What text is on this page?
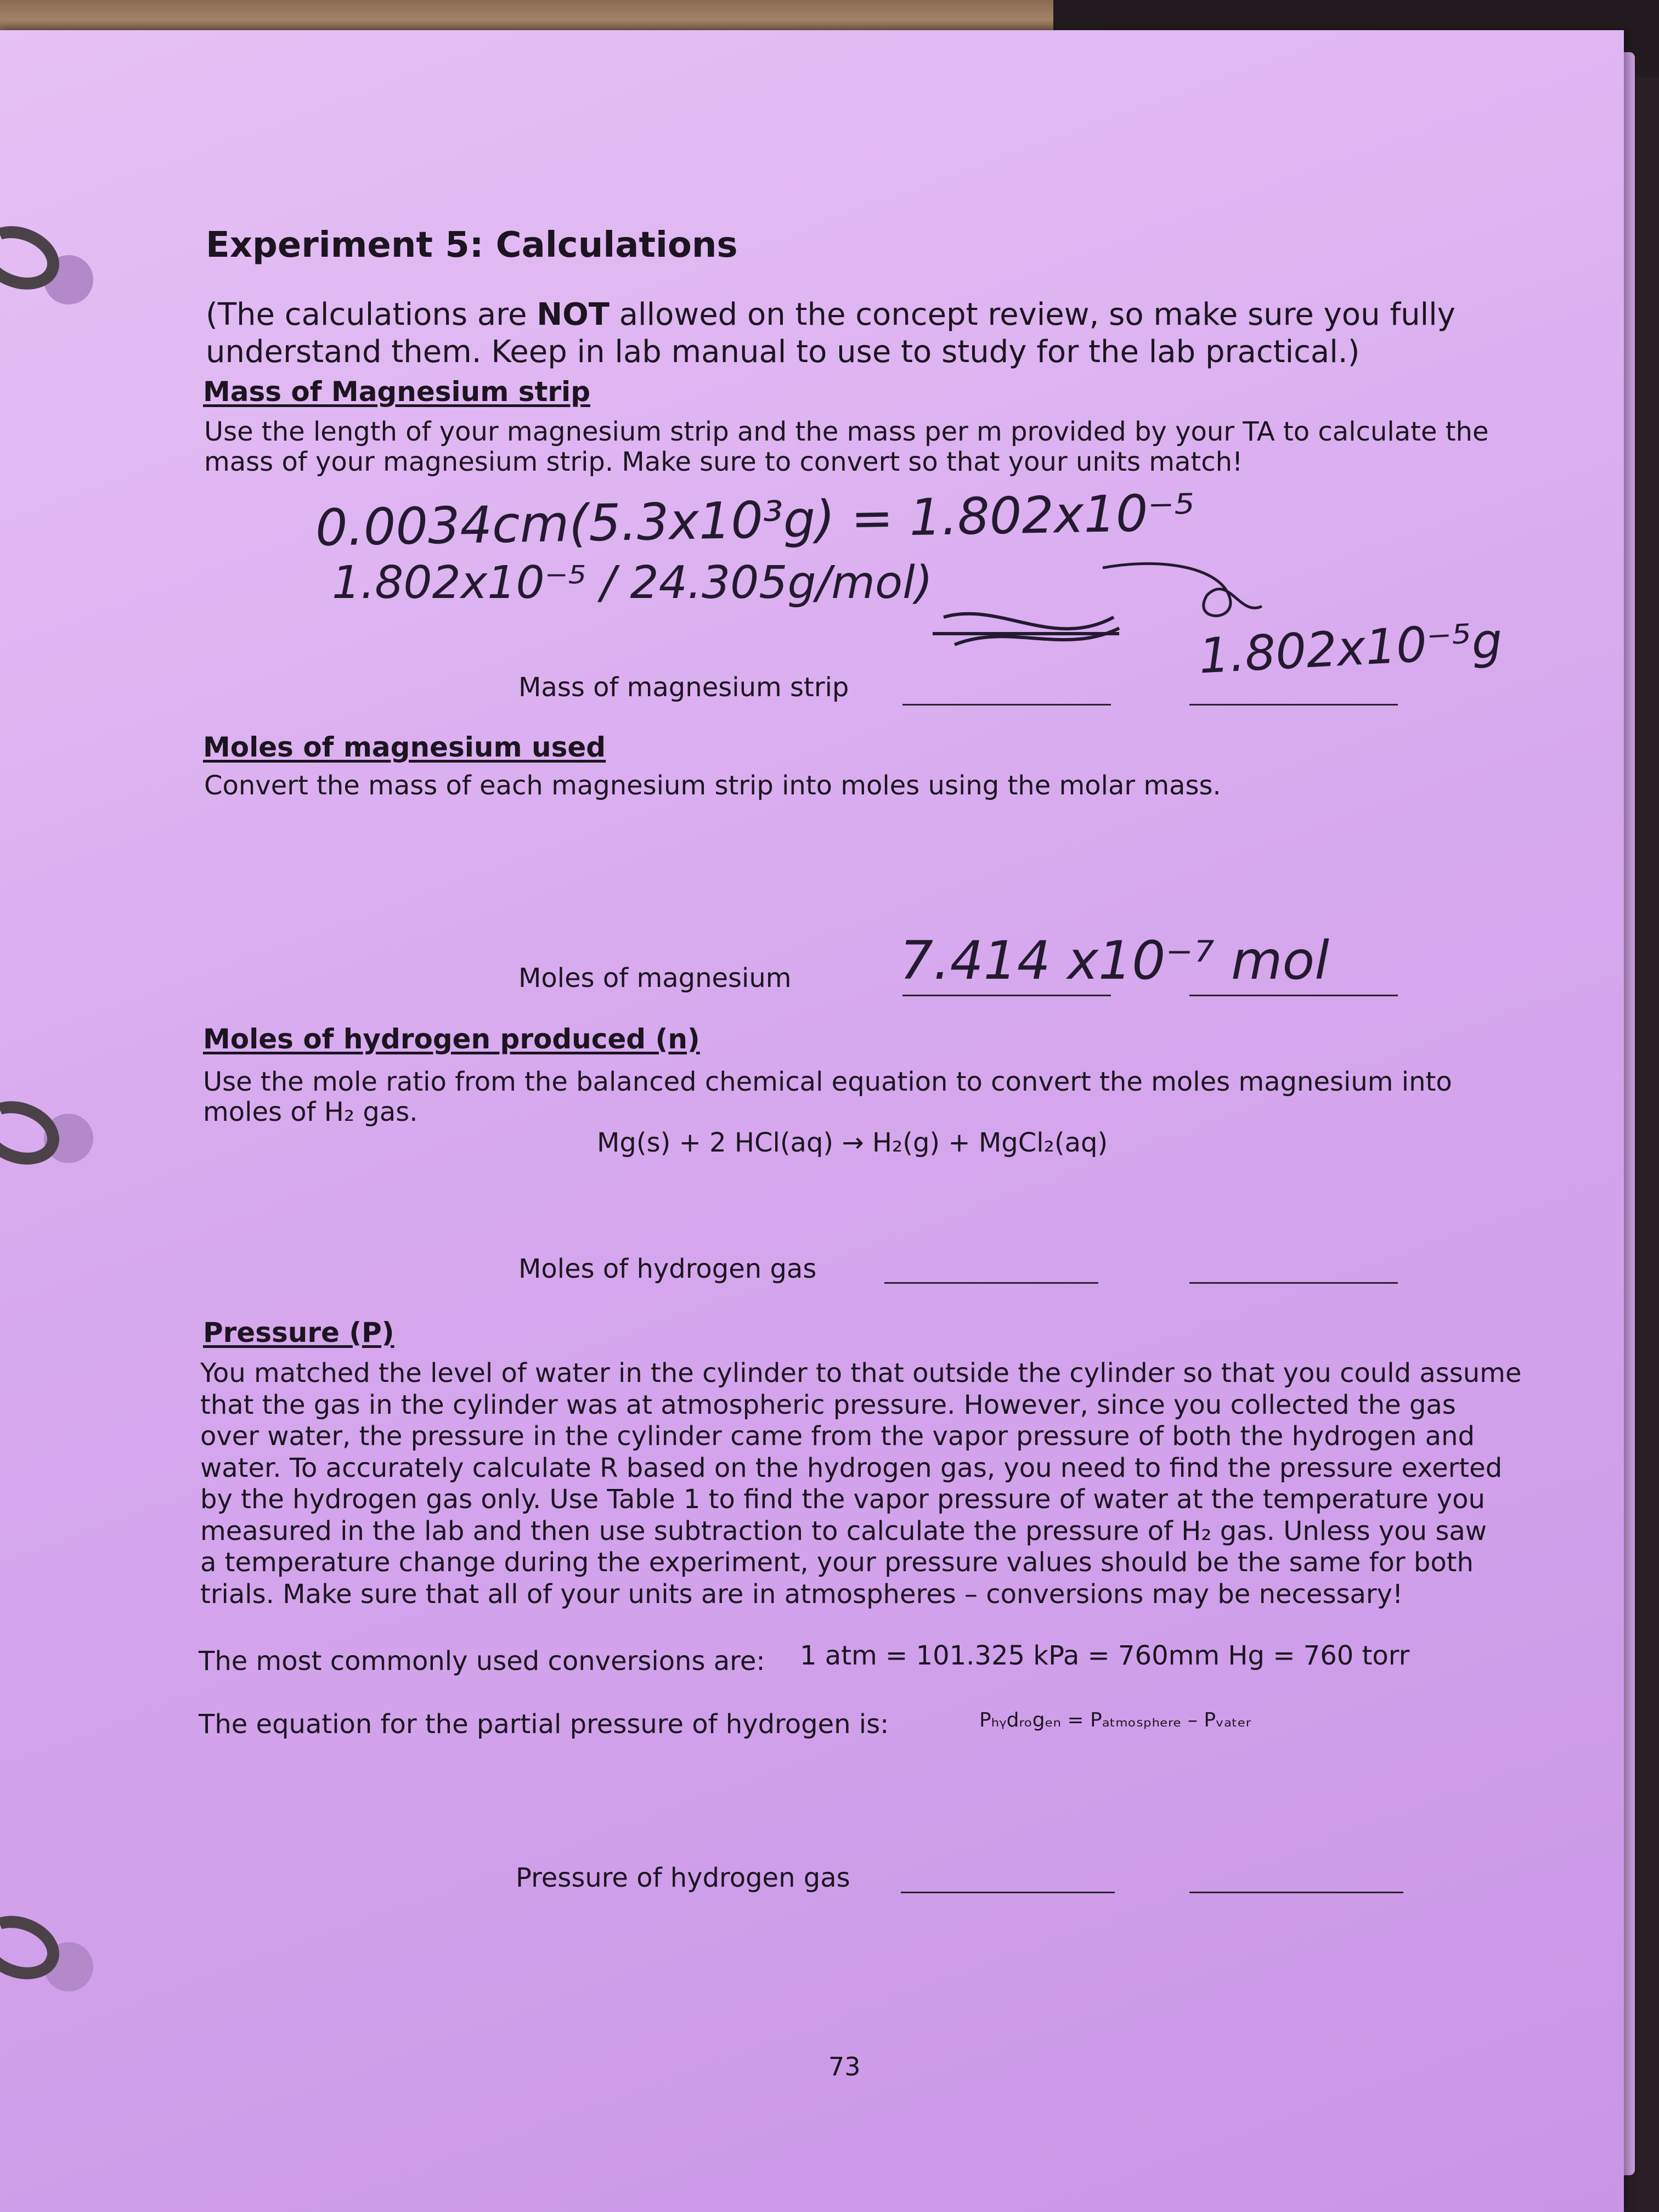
Experiment 5: Calculations
(The calculations are NOT allowed on the concept review, so make sure you fully
understand them. Keep in lab manual to use to study for the lab practical.)
Mass of Magnesium strip
Use the length of your magnesium strip and the mass per m provided by your TA to calculate the
mass of your magnesium strip. Make sure to convert so that your units match!
0.0034cm(5.3x10³g) = 1.802x10⁻⁵
1.802x10⁻⁵ / 24.305g/mol)
1.802x10⁻⁵g
Mass of magnesium strip
Moles of magnesium used
Convert the mass of each magnesium strip into moles using the molar mass.
7.414 x10⁻⁷ mol
Moles of magnesium
Moles of hydrogen produced (n)
Use the mole ratio from the balanced chemical equation to convert the moles magnesium into
moles of H₂ gas.
Mg(s) + 2 HCl(aq) → H₂(g) + MgCl₂(aq)
Moles of hydrogen gas
Pressure (P)
You matched the level of water in the cylinder to that outside the cylinder so that you could assume
that the gas in the cylinder was at atmospheric pressure. However, since you collected the gas
over water, the pressure in the cylinder came from the vapor pressure of both the hydrogen and
water. To accurately calculate R based on the hydrogen gas, you need to find the pressure exerted
by the hydrogen gas only. Use Table 1 to find the vapor pressure of water at the temperature you
measured in the lab and then use subtraction to calculate the pressure of H₂ gas. Unless you saw
a temperature change during the experiment, your pressure values should be the same for both
trials. Make sure that all of your units are in atmospheres – conversions may be necessary!
The most commonly used conversions are: 1 atm = 101.325 kPa = 760mm Hg = 760 torr
The equation for the partial pressure of hydrogen is:	Pₕᵧdᵣₒgₑₙ = Pₐₜₘₒₛₚₕₑᵣₑ – Pᵥₐₜₑᵣ
Pressure of hydrogen gas
73
